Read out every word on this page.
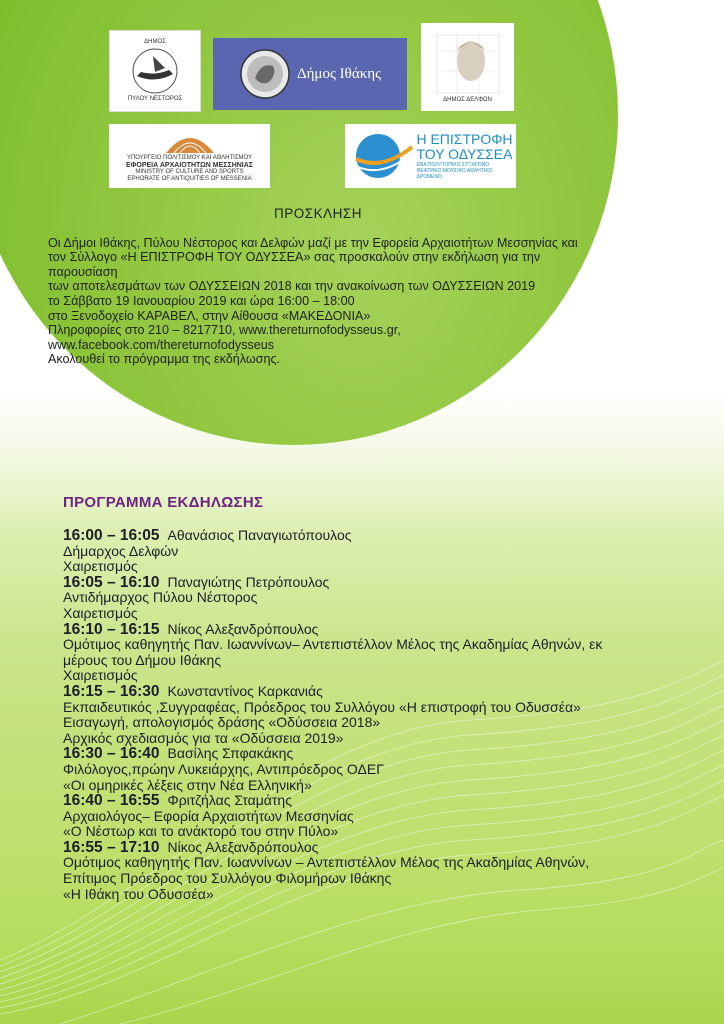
ΔΗΜΟΣ
ΠΥΛΟΥ ΝΕΣΤΟΡΟΣ
Δήμος Ιθάκης
ΔΗΜΟΣ ΔΕΛΦΩΝ
ΥΠΟΥΡΓΕΙΟ ΠΟΛΙΤΙΣΜΟΥ ΚΑΙ ΑΘΛΗΤΙΣΜΟΥ
ΕΦΟΡΕΙΑ ΑΡΧΑΙΟΤΗΤΩΝ ΜΕΣΣΗΝΙΑΣ
MINISTRY OF CULTURE AND SPORTS
EPHORATE OF ANTIQUITIES OF MESSENIA
Η ΕΠΙΣΤΡΟΦΗ
ΤΟΥ ΟΔΥΣΣΕΑ
ΕΝΑ ΠΟΛΥΤΟΠΙΚΟ ΣΥΓΧΡΟΝΟ
ΘΕΑΤΡΙΚΟ ΜΟΥΣΙΚΟ ΑΘΛΗΤΙΚΟ
ΔΡΩΜΕΝΟ
ΠΡΟΣΚΛΗΣΗ

Οι Δήμοι Ιθάκης, Πύλου Νέστορος και Δελφών μαζί με την Εφορεία Αρχαιοτήτων Μεσσηνίας και

τον Σύλλογο «Η ΕΠΙΣΤΡΟΦΗ ΤΟΥ ΟΔΥΣΣΕΑ» σας προσκαλούν στην εκδήλωση για την παρουσίαση

των αποτελεσμάτων των ΟΔΥΣΣΕΙΩΝ 2018 και την ανακοίνωση των ΟΔΥΣΣΕΙΩΝ 2019

το Σάββατο 19 Ιανουαρίου 2019 και ώρα 16:00 – 18:00

στο Ξενοδοχείο ΚΑΡΑΒΕΛ, στην Αίθουσα «ΜΑΚΕΔΟΝΙΑ»

Πληροφορίες στο 210 – 8217710, www.thereturnofodysseus.gr,

www.facebook.com/thereturnofodysseus

Ακολουθεί το πρόγραμμα της εκδήλωσης.

ΠΡΟΓΡΑΜΜΑ ΕΚΔΗΛΩΣΗΣ
16:00 – 16:05 Αθανάσιος Παναγιωτόπουλος
Δήμαρχος Δελφών
Χαιρετισμός
16:05 – 16:10 Παναγιώτης Πετρόπουλος
Αντιδήμαρχος Πύλου Νέστορος
Χαιρετισμός
16:10 – 16:15 Νίκος Αλεξανδρόπουλος
Ομότιμος καθηγητής Παν. Ιωαννίνων– Αντεπιστέλλον Μέλος της Ακαδημίας Αθηνών, εκ
μέρους του Δήμου Ιθάκης
Χαιρετισμός
16:15 – 16:30 Κωνσταντίνος Καρκανιάς
Εκπαιδευτικός ,Συγγραφέας, Πρόεδρος του Συλλόγου «Η επιστροφή του Οδυσσέα»
Εισαγωγή, απολογισμός δράσης «Οδύσσεια 2018»
Αρχικός σχεδιασμός για τα «Οδύσσεια 2019»
16:30 – 16:40 Βασίλης Σπφακάκης
Φιλόλογος,πρώην Λυκειάρχης, Αντιπρόεδρος ΟΔΕΓ
«Οι ομηρικές λέξεις στην Νέα Ελληνική»
16:40 – 16:55 Φριτζήλας Σταμάτης
Αρχαιολόγος– Εφορία Αρχαιοτήτων Μεσσηνίας
«Ο Νέστωρ και το ανάκτορό του στην Πύλο»
16:55 – 17:10 Νίκος Αλεξανδρόπουλος
Ομότιμος καθηγητής Παν. Ιωαννίνων – Αντεπιστέλλον Μέλος της Ακαδημίας Αθηνών,
Επίτιμος Πρόεδρος του Συλλόγου Φιλομήρων Ιθάκης
«Η Ιθάκη του Οδυσσέα»
